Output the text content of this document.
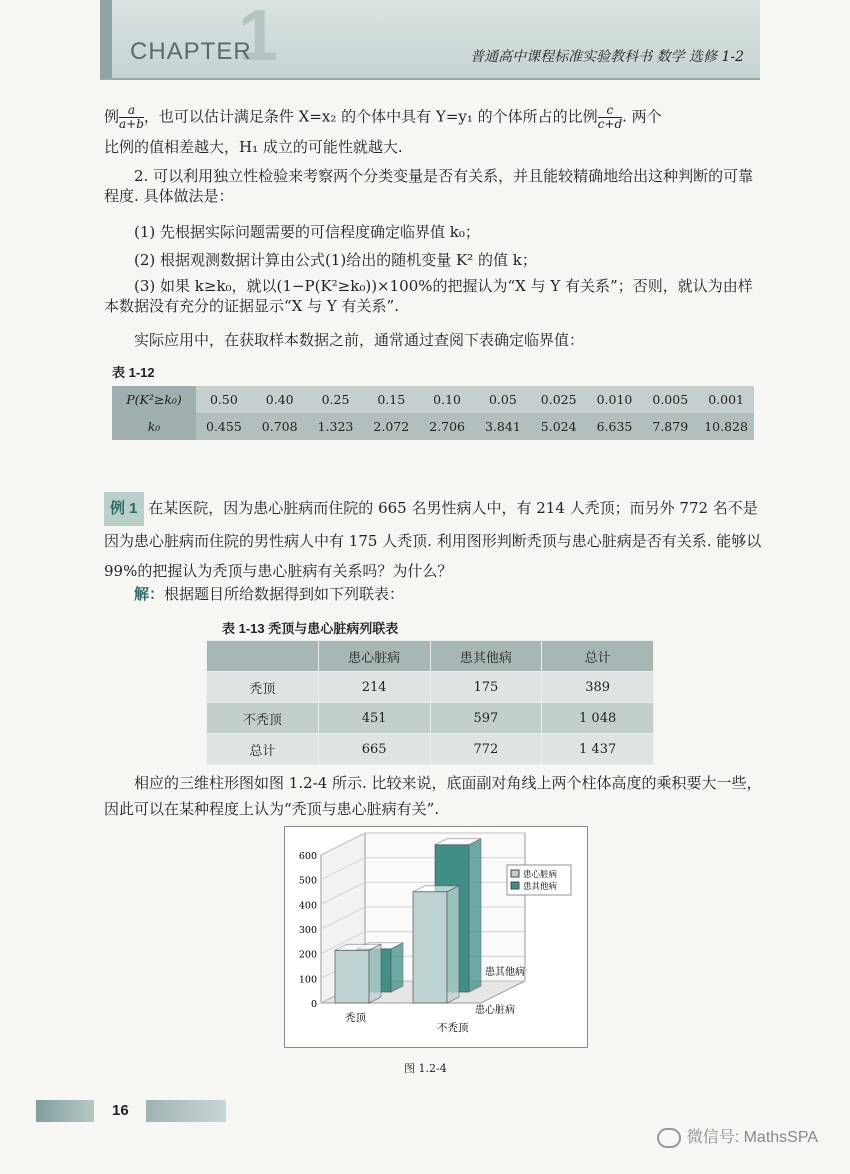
1
CHAPTER	普通高中课程标准实验教科书 数学 选修 1-2
例 $\frac{a}{a+b}$ ，也可以估计满足条件 X=x₂ 的个体中具有 Y=y₁ 的个体所占的比例 $\frac{c}{c+d}$ . 两个
比例的值相差越大，H₁ 成立的可能性就越大.
2. 可以利用独立性检验来考察两个分类变量是否有关系，并且能较精确地给出这种判断的可靠程度. 具体做法是：
(1) 先根据实际问题需要的可信程度确定临界值 k₀；
(2) 根据观测数据计算由公式(1)给出的随机变量 K² 的值 k；
(3) 如果 k≥k₀，就以(1−P(K²≥k₀))×100%的把握认为“X 与 Y 有关系”；否则，就认为由样本数据没有充分的证据显示“X 与 Y 有关系”.
实际应用中，在获取样本数据之前，通常通过查阅下表确定临界值：
表 1-12
P(K²≥k₀)	0.50	0.40	0.25	0.15	0.10	0.05	0.025	0.010	0.005	0.001
k₀	0.455	0.708	1.323	2.072	2.706	3.841	5.024	6.635	7.879	10.828
例 1 在某医院，因为患心脏病而住院的 665 名男性病人中，有 214 人秃顶；而另外 772 名不是因为患心脏病而住院的男性病人中有 175 人秃顶. 利用图形判断秃顶与患心脏病是否有关系. 能够以 99%的把握认为秃顶与患心脏病有关系吗？为什么？
解：根据题目所给数据得到如下列联表：
表 1-13 秃顶与患心脏病列联表
	患心脏病	患其他病	总计
秃顶	214	175	389
不秃顶	451	597	1 048
总计	665	772	1 437
相应的三维柱形图如图 1.2-4 所示. 比较来说，底面副对角线上两个柱体高度的乘积要大一些，因此可以在某种程度上认为“秃顶与患心脏病有关”.
0
100
200
300
400
500
600
秃顶
不秃顶
患其他病
患心脏病
患心脏病
患其他病
图 1.2-4
16
微信号: MathsSPA
